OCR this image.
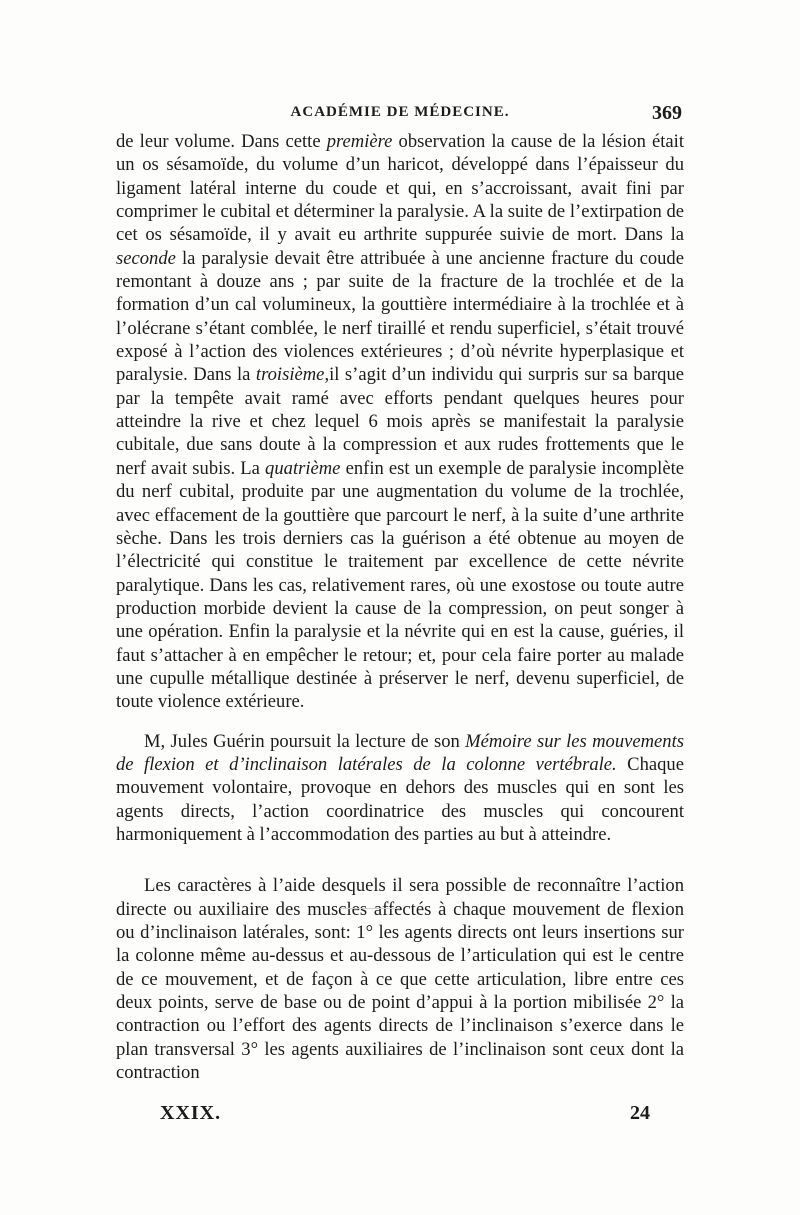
ACADÉMIE DE MÉDECINE.	369

de leur volume. Dans cette première observation la cause de la lésion était un os sésamoïde, du volume d’un haricot, développé dans l’épaisseur du ligament latéral interne du coude et qui, en s’accroissant, avait fini par comprimer le cubital et déterminer la paralysie. A la suite de l’extirpation de cet os sésamoïde, il y avait eu arthrite suppurée suivie de mort. Dans la seconde la paralysie devait être attribuée à une ancienne fracture du coude remontant à douze ans ; par suite de la fracture de la trochlée et de la formation d’un cal volumineux, la gouttière intermédiaire à la trochlée et à l’olécrane s’étant comblée, le nerf tiraillé et rendu superficiel, s’était trouvé exposé à l’action des violences extérieures ; d’où névrite hyperplasique et paralysie. Dans la troisième,il s’agit d’un individu qui surpris sur sa barque par la tempête avait ramé avec efforts pendant quelques heures pour atteindre la rive et chez lequel 6 mois après se manifestait la paralysie cubitale, due sans doute à la compression et aux rudes frottements que le nerf avait subis. La quatrième enfin est un exemple de paralysie incomplète du nerf cubital, produite par une augmentation du volume de la trochlée, avec effacement de la gouttière que parcourt le nerf, à la suite d’une arthrite sèche. Dans les trois derniers cas la guérison a été obtenue au moyen de l’électricité qui constitue le traitement par excellence de cette névrite paralytique. Dans les cas, relativement rares, où une exostose ou toute autre production morbide devient la cause de la compression, on peut songer à une opération. Enfin la paralysie et la névrite qui en est la cause, guéries, il faut s’attacher à en empêcher le retour; et, pour cela faire porter au malade une cupulle métallique destinée à préserver le nerf, devenu superficiel, de toute violence extérieure.

M, Jules Guérin poursuit la lecture de son Mémoire sur les mouvements de flexion et d’inclinaison latérales de la colonne vertébrale. Chaque mouvement volontaire, provoque en dehors des muscles qui en sont les agents directs, l’action coordinatrice des muscles qui concourent harmoniquement à l’accommodation des parties au but à atteindre.

Les caractères à l’aide desquels il sera possible de reconnaître l’action directe ou auxiliaire des muscles affectés à chaque mouvement de flexion ou d’inclinaison latérales, sont: 1° les agents directs ont leurs insertions sur la colonne même au-dessus et au-dessous de l’articulation qui est le centre de ce mouvement, et de façon à ce que cette articulation, libre entre ces deux points, serve de base ou de point d’appui à la portion mibilisée 2° la contraction ou l’effort des agents directs de l’inclinaison s’exerce dans le plan transversal 3° les agents auxiliaires de l’inclinaison sont ceux dont la contraction

XXIX.	24
